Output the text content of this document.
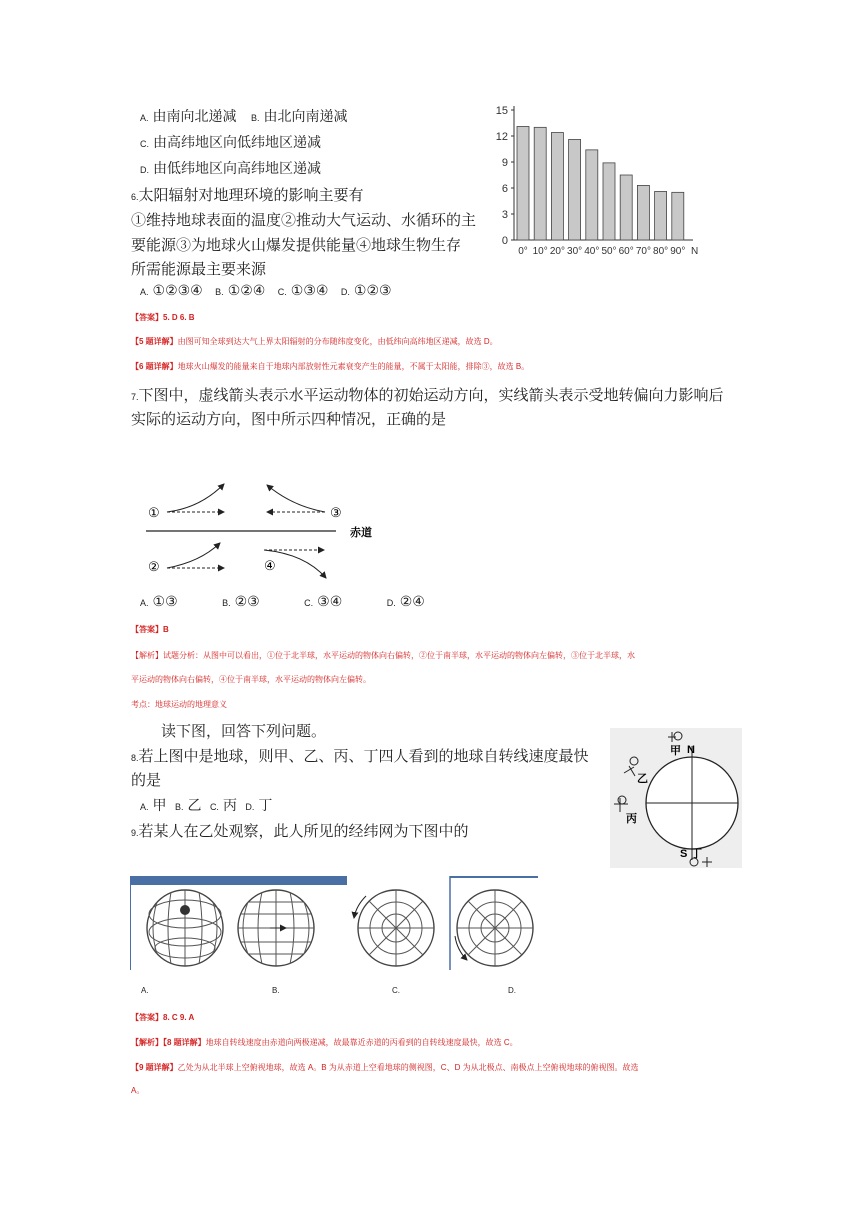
A. 由南向北递减 B. 由北向南递减
C. 由高纬地区向低纬地区递减
D. 由低纬地区向高纬地区递减
0
3
6
9
12
15
0° 10° 20° 30° 40° 50° 60° 70° 80° 90° N
6.太阳辐射对地理环境的影响主要有
①维持地球表面的温度②推动大气运动、水循环的主
要能源③为地球火山爆发提供能量④地球生物生存
所需能源最主要来源
A. ①②③④ B. ①②④ C. ①③④ D. ①②③
【答案】5. D 6. B
【5 题详解】由图可知全球到达大气上界太阳辐射的分布随纬度变化，由低纬向高纬地区递减，故选 D。
【6 题详解】地球火山爆发的能量来自于地球内部放射性元素衰变产生的能量，不属于太阳能，排除③，故选 B。
7.下图中，虚线箭头表示水平运动物体的初始运动方向，实线箭头表示受地转偏向力影响后
实际的运动方向，图中所示四种情况，正确的是
赤道
①	③
②	④
A. ①③	B. ②③	C. ③④	D. ②④
【答案】B
【解析】试题分析：从图中可以看出，①位于北半球，水平运动的物体向右偏转，②位于南半球，水平运动的物体向左偏转，③位于北半球，水
平运动的物体向右偏转，④位于南半球，水平运动的物体向左偏转。
考点：地球运动的地理意义
读下图，回答下列问题。
8.若上图中是地球，则甲、乙、丙、丁四人看到的地球自转线速度最快
的是
A. 甲 B. 乙 C. 丙 D. 丁
9.若某人在乙处观察，此人所见的经纬网为下图中的
甲 N
乙
丙
S 丁
A.	B.	C.	D.
【答案】8. C 9. A
【解析】【8 题详解】地球自转线速度由赤道向两极递减，故最靠近赤道的丙看到的自转线速度最快，故选 C。
【9 题详解】乙处为从北半球上空俯视地球，故选 A。B 为从赤道上空看地球的侧视图，C、D 为从北极点、南极点上空俯视地球的俯视图。故选
A。
